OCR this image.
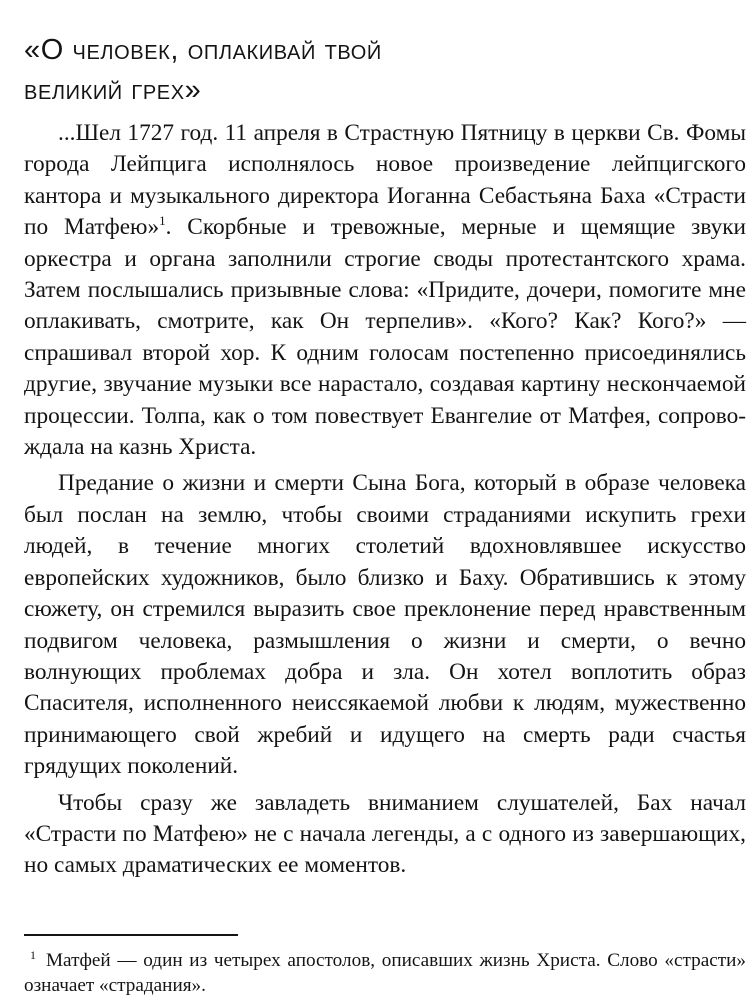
«О человек, оплакивай твой
великий грех»

...Шел 1727 год. 11 апреля в Страстную Пятницу в церкви Св. Фомы города Лейпцига исполнялось новое произведение лейпцигского кантора и музыкального директора Иоганна Себастьяна Баха «Страсти по Матфею»$^1$. Скорбные и тревожные, мерные и щемящие звуки оркестра и органа заполнили строгие своды протестантского храма. Затем послышались призывные слова: «Придите, дочери, помогите мне оплакивать, смотрите, как Он терпелив». «Кого? Как? Кого?» — спрашивал второй хор. К одним голосам постепенно присоединялись другие, звучание музыки все нарастало, создавая картину нескончаемой процессии. Толпа, как о том повествует Евангелие от Матфея, сопровождала на казнь Христа.

Предание о жизни и смерти Сына Бога, который в образе человека был послан на землю, чтобы своими страданиями искупить грехи людей, в течение многих столетий вдохновлявшее искусство европейских художников, было близко и Баху. Обратившись к этому сюжету, он стремился выразить свое преклонение перед нравственным подвигом человека, размышления о жизни и смерти, о вечно волнующих проблемах добра и зла. Он хотел воплотить образ Спасителя, исполненного неиссякаемой любви к людям, мужественно принимающего свой жребий и идущего на смерть ради счастья грядущих поколений.

Чтобы сразу же завладеть вниманием слушателей, Бах начал «Страсти по Матфею» не с начала легенды, а с одного из завершающих, но самых драматических ее моментов.

$^1$ Матфей — один из четырех апостолов, описавших жизнь Христа. Слово «страсти» означает «страдания».
